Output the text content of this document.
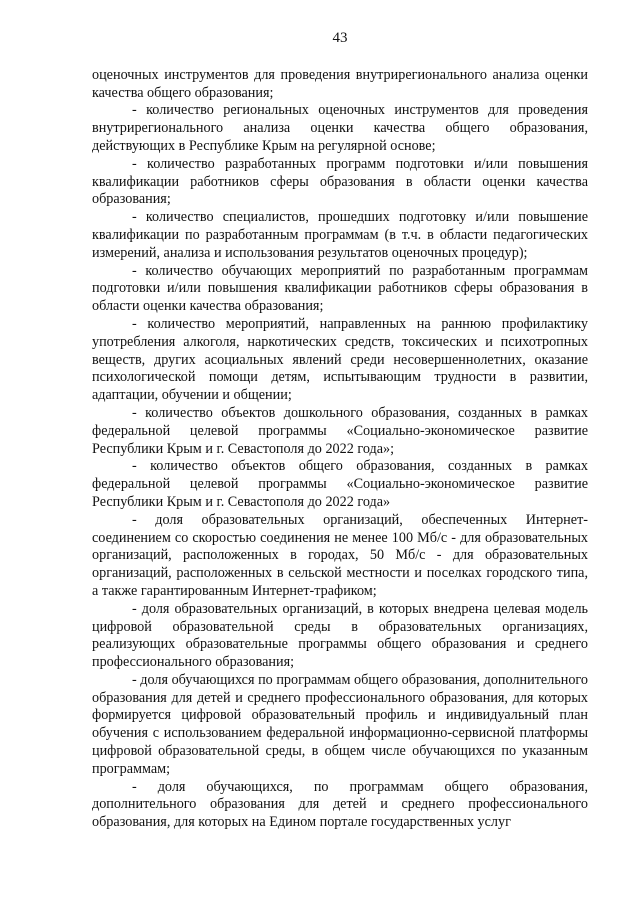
43

оценочных инструментов для проведения внутрирегионального анализа оценки качества общего образования;

- количество региональных оценочных инструментов для проведения внутрирегионального анализа оценки качества общего образования, действующих в Республике Крым на регулярной основе;

- количество разработанных программ подготовки и/или повышения квалификации работников сферы образования в области оценки качества образования;

- количество специалистов, прошедших подготовку и/или повышение квалификации по разработанным программам (в т.ч. в области педагогических измерений, анализа и использования результатов оценочных процедур);

- количество обучающих мероприятий по разработанным программам подготовки и/или повышения квалификации работников сферы образования в области оценки качества образования;

- количество мероприятий, направленных на раннюю профилактику употребления алкоголя, наркотических средств, токсических и психотропных веществ, других асоциальных явлений среди несовершеннолетних, оказание психологической помощи детям, испытывающим трудности в развитии, адаптации, обучении и общении;

- количество объектов дошкольного образования, созданных в рамках федеральной целевой программы «Социально-экономическое развитие Республики Крым и г. Севастополя до 2022 года»;

- количество объектов общего образования, созданных в рамках федеральной целевой программы «Социально-экономическое развитие Республики Крым и г. Севастополя до 2022 года»

- доля образовательных организаций, обеспеченных Интернет-соединением со скоростью соединения не менее 100 Мб/c - для образовательных организаций, расположенных в городах, 50 Мб/c - для образовательных организаций, расположенных в сельской местности и поселках городского типа, а также гарантированным Интернет-трафиком;

- доля образовательных организаций, в которых внедрена целевая модель цифровой образовательной среды в образовательных организациях, реализующих образовательные программы общего образования и среднего профессионального образования;

- доля обучающихся по программам общего образования, дополнительного образования для детей и среднего профессионального образования, для которых формируется цифровой образовательный профиль и индивидуальный план обучения с использованием федеральной информационно-сервисной платформы цифровой образовательной среды, в общем числе обучающихся по указанным программам;

- доля обучающихся, по программам общего образования, дополнительного образования для детей и среднего профессионального образования, для которых на Едином портале государственных услуг
